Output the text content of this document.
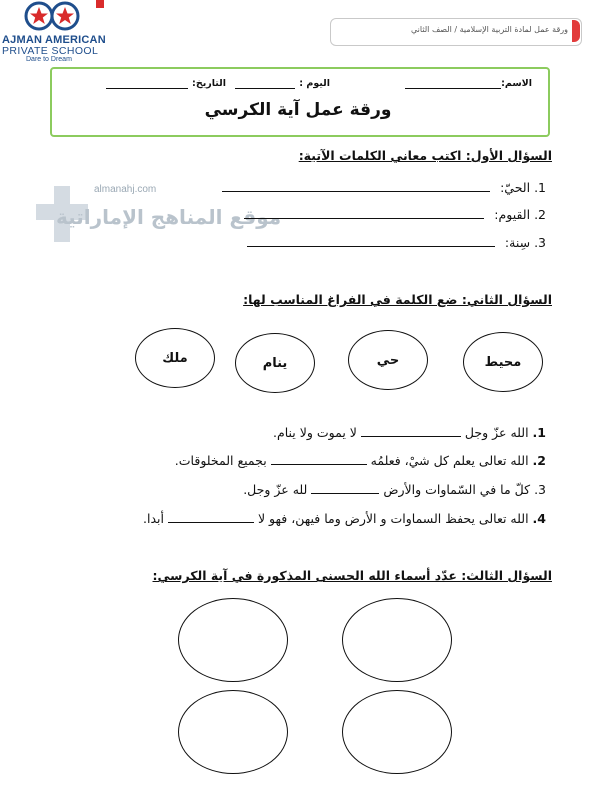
AJMAN AMERICAN
PRIVATE SCHOOL
Dare to Dream
ورقة عمل لمادة التربية الإسلامية / الصف الثاني
الاسم:
اليوم :
التاريخ:
ورقة عمل آية الكرسي
almanahj.com
موقع المناهج الإماراتية
السؤال الأول: اكتب معاني الكلمات الآتية:
1. الحيّ:
2. القيوم:
3. سِنة:
السؤال الثاني: ضع الكلمة في الفراغ المناسب لها:
محيط
حي
ينام
ملك
1. الله عزّ وجل  لا يموت ولا ينام.
2. الله تعالى يعلم كل شيْ، فعلمُه  بجميع المخلوقات.
3. كلّ ما في السّماوات والأرض  لله عزّ وجل.
4. الله تعالى يحفظ السماوات و الأرض وما فيهن، فهو لا  أبدا.
السؤال الثالث: عدّد أسماء الله الحسنى المذكورة في آية الكرسي:
